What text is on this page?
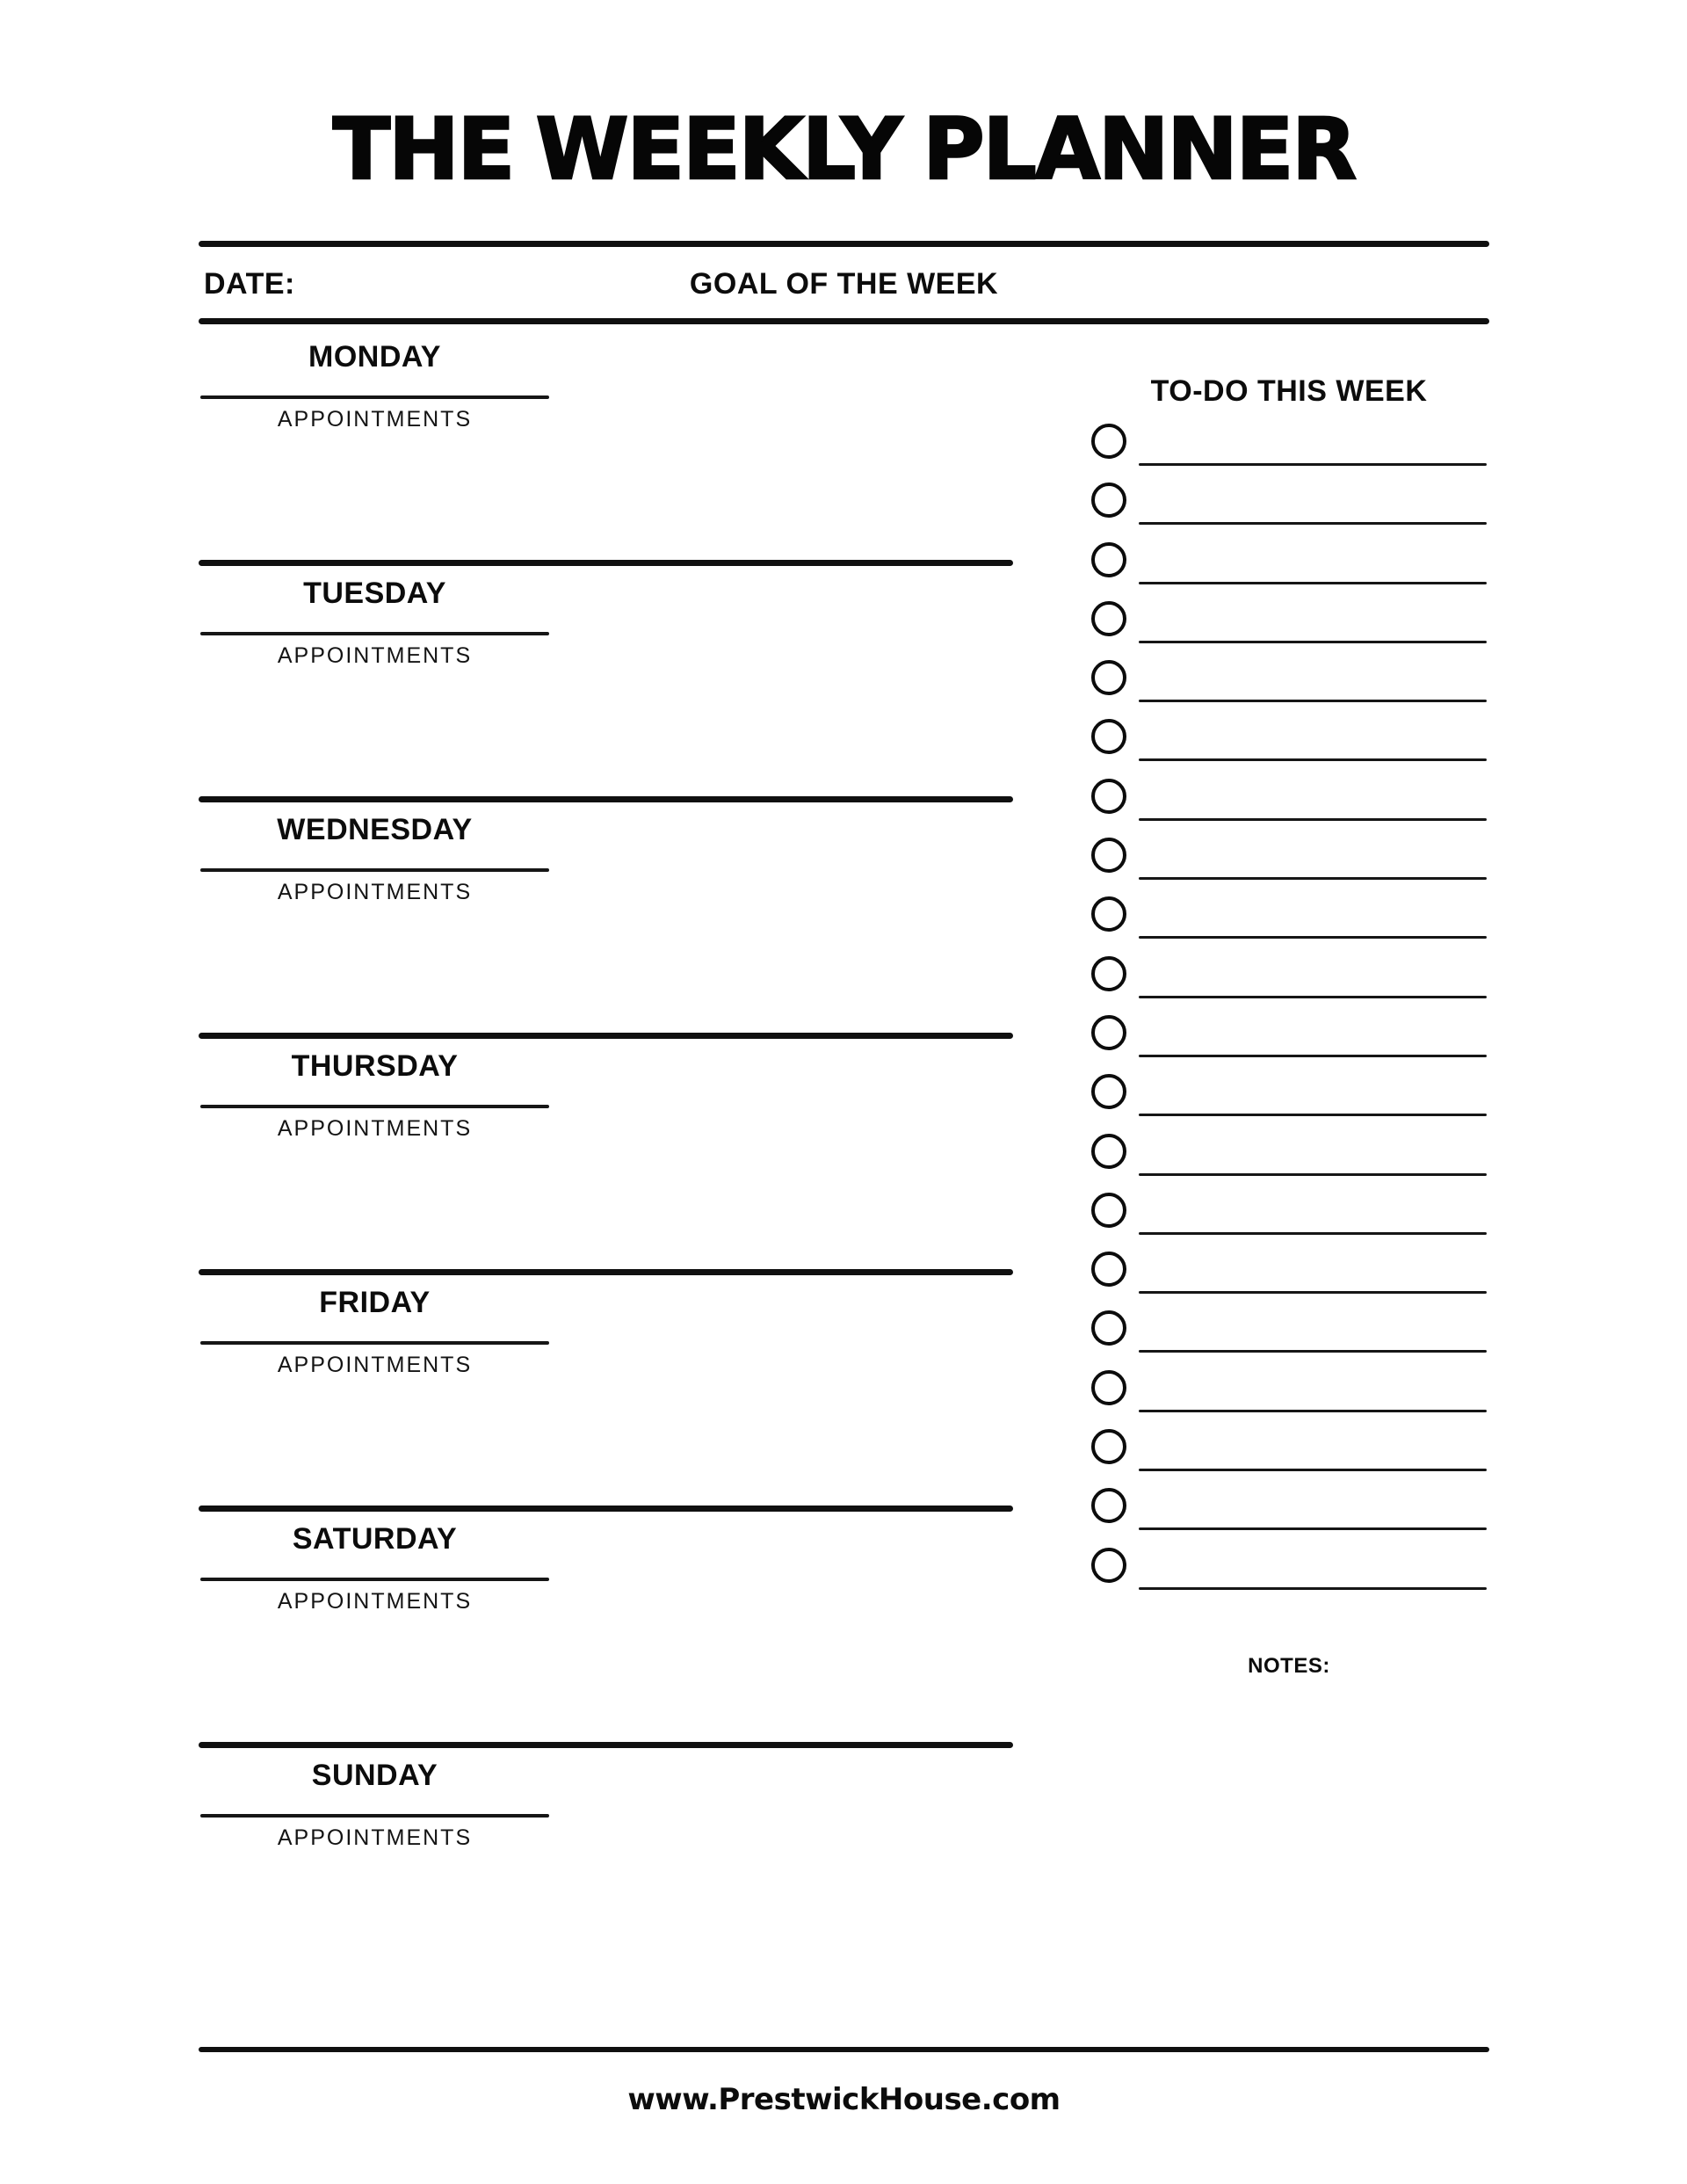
THE WEEKLY PLANNER
DATE:	GOAL OF THE WEEK
MONDAY
APPOINTMENTS
TUESDAY
APPOINTMENTS
WEDNESDAY
APPOINTMENTS
THURSDAY
APPOINTMENTS
FRIDAY
APPOINTMENTS
SATURDAY
APPOINTMENTS
SUNDAY
APPOINTMENTS
TO-DO THIS WEEK
NOTES:
www.PrestwickHouse.com
